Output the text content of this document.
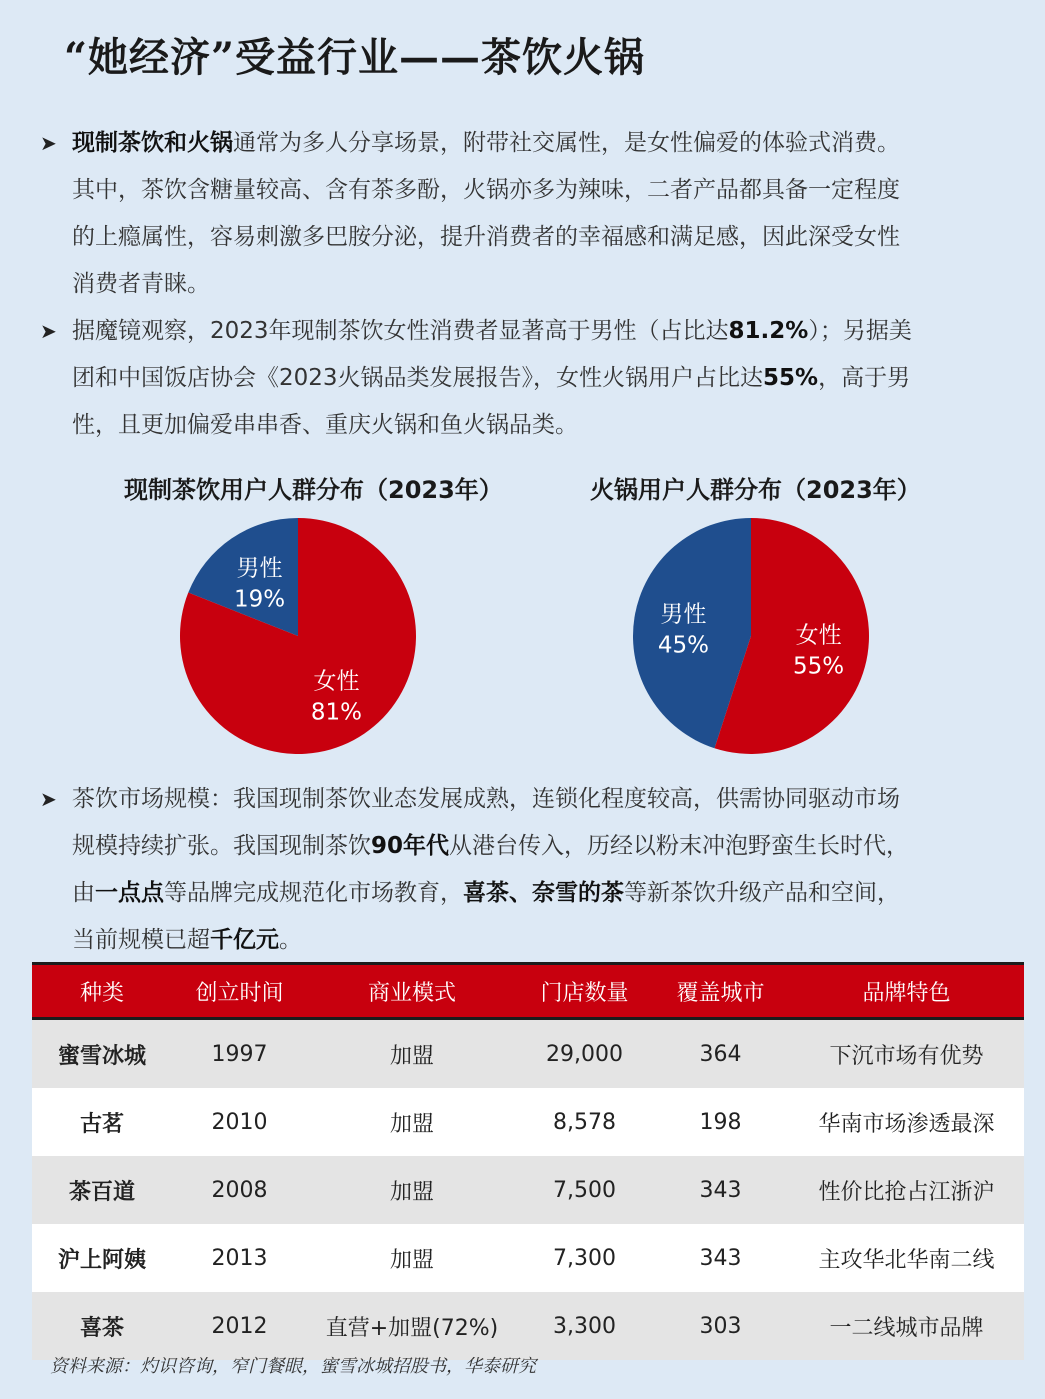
“她经济”受益行业——茶饮火锅
➤ 现制茶饮和火锅通常为多人分享场景，附带社交属性，是女性偏爱的体验式消费。
其中，茶饮含糖量较高、含有茶多酚，火锅亦多为辣味，二者产品都具备一定程度
的上瘾属性，容易刺激多巴胺分泌，提升消费者的幸福感和满足感，因此深受女性
消费者青睐。
➤ 据魔镜观察，2023年现制茶饮女性消费者显著高于男性（占比达81.2%）；另据美
团和中国饭店协会《2023火锅品类发展报告》，女性火锅用户占比达55%，高于男
性，且更加偏爱串串香、重庆火锅和鱼火锅品类。
现制茶饮用户人群分布（2023年）	火锅用户人群分布（2023年）
男性
19%
女性
81%
男性
45%	女性
55%
➤ 茶饮市场规模：我国现制茶饮业态发展成熟，连锁化程度较高，供需协同驱动市场
规模持续扩张。我国现制茶饮90年代从港台传入，历经以粉末冲泡野蛮生长时代，
由一点点等品牌完成规范化市场教育，喜茶、奈雪的茶等新茶饮升级产品和空间，
当前规模已超千亿元。
种类	创立时间	商业模式	门店数量	覆盖城市	品牌特色
蜜雪冰城	1997	加盟	29,000	364	下沉市场有优势
古茗	2010	加盟	8,578	198	华南市场渗透最深
茶百道	2008	加盟	7,500	343	性价比抢占江浙沪
沪上阿姨	2013	加盟	7,300	343	主攻华北华南二线
喜茶	2012	直营+加盟(72%)	3,300	303	一二线城市品牌
资料来源：灼识咨询，窄门餐眼，蜜雪冰城招股书，华泰研究
